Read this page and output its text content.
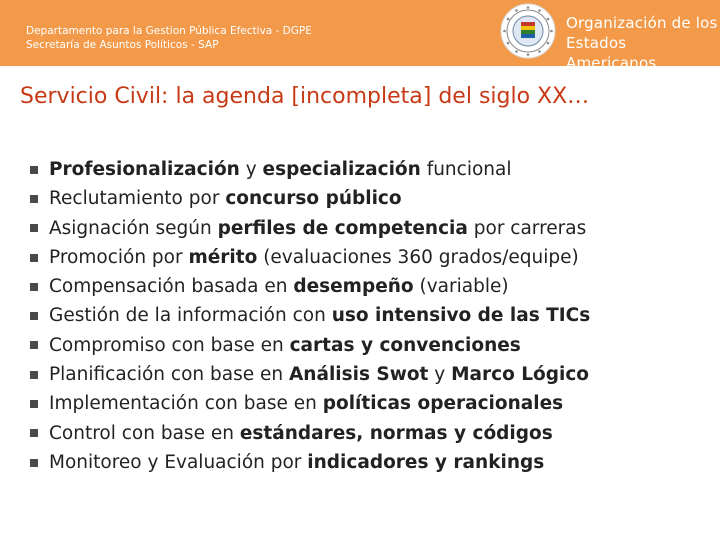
Departamento para la Gestion Pública Efectiva - DGPE
Secretaría de Asuntos Políticos - SAP
Organización de los
Estados Americanos
Servicio Civil: la agenda [incompleta] del siglo XX…
Profesionalización y especialización funcional
Reclutamiento por concurso público
Asignación según perfiles de competencia por carreras
Promoción por mérito (evaluaciones 360 grados/equipe)
Compensación basada en desempeño (variable)
Gestión de la información con uso intensivo de las TICs
Compromiso con base en cartas y convenciones
Planificación con base en Análisis Swot y Marco Lógico
Implementación con base en políticas operacionales
Control con base en estándares, normas y códigos
Monitoreo y Evaluación por indicadores y rankings
